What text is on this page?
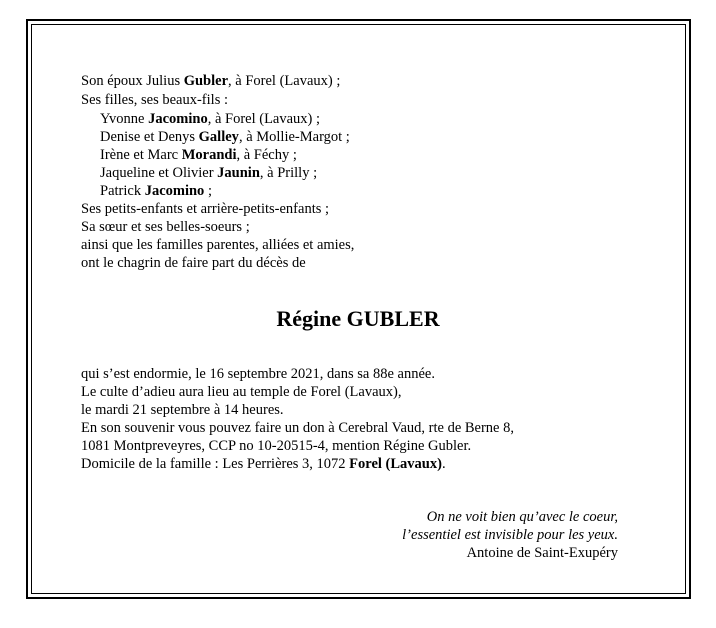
Son époux Julius Gubler, à Forel (Lavaux) ;
Ses filles, ses beaux-fils :
Yvonne Jacomino, à Forel (Lavaux) ;
Denise et Denys Galley, à Mollie-Margot ;
Irène et Marc Morandi, à Féchy ;
Jaqueline et Olivier Jaunin, à Prilly ;
Patrick Jacomino ;
Ses petits-enfants et arrière-petits-enfants ;
Sa sœur et ses belles-soeurs ;
ainsi que les familles parentes, alliées et amies,
ont le chagrin de faire part du décès de
Régine GUBLER
qui s’est endormie, le 16 septembre 2021, dans sa 88e année.
Le culte d’adieu aura lieu au temple de Forel (Lavaux),
le mardi 21 septembre à 14 heures.
En son souvenir vous pouvez faire un don à Cerebral Vaud, rte de Berne 8,
1081 Montpreveyres, CCP no 10-20515-4, mention Régine Gubler.
Domicile de la famille : Les Perrières 3, 1072 Forel (Lavaux).
On ne voit bien qu’avec le coeur,
l’essentiel est invisible pour les yeux.
Antoine de Saint-Exupéry
